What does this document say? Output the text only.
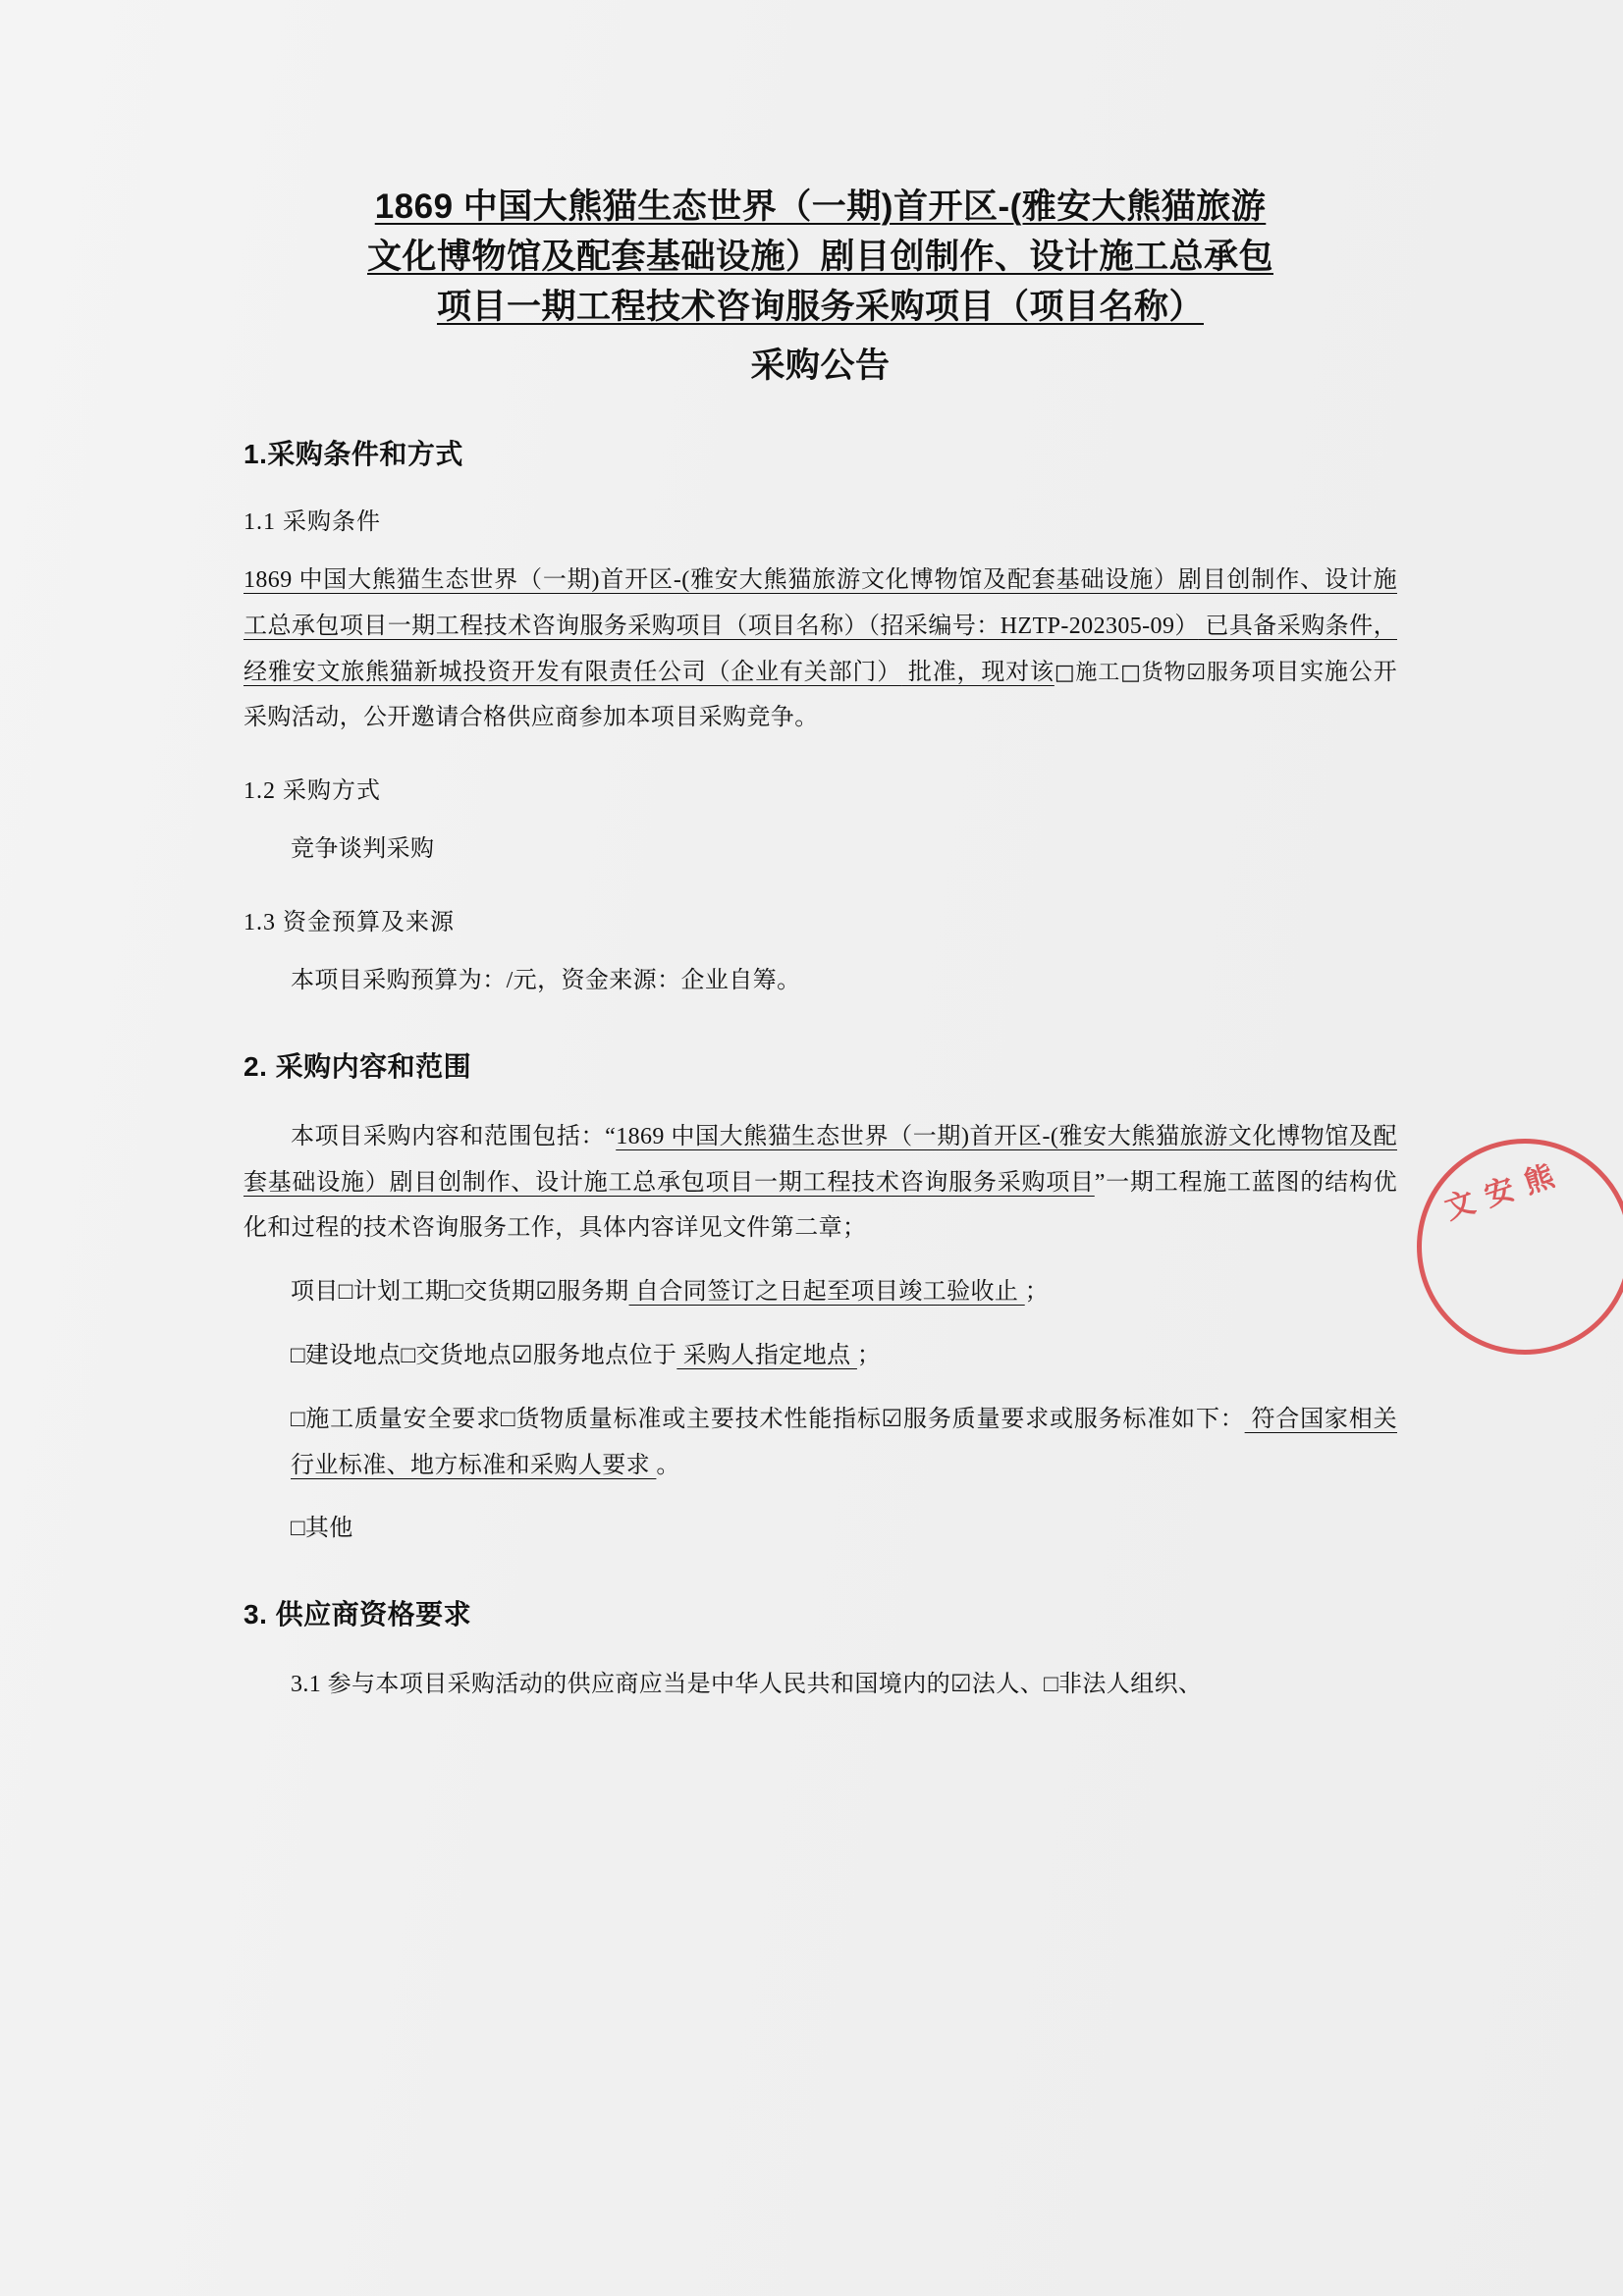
1869 中国大熊猫生态世界（一期)首开区-(雅安大熊猫旅游
文化博物馆及配套基础设施）剧目创制作、设计施工总承包
项目一期工程技术咨询服务采购项目（项目名称）
采购公告
1.采购条件和方式
1.1 采购条件

1869 中国大熊猫生态世界（一期)首开区-(雅安大熊猫旅游文化博物馆及配套基础设施）剧目创制作、设计施工总承包项目一期工程技术咨询服务采购项目（项目名称）（招采编号：HZTP-202305-09） 已具备采购条件，经雅安文旅熊猫新城投资开发有限责任公司（企业有关部门） 批准，现对该□施工□货物☑服务项目实施公开采购活动，公开邀请合格供应商参加本项目采购竞争。

1.2 采购方式

竞争谈判采购

1.3 资金预算及来源

本项目采购预算为：/元，资金来源：企业自筹。

2. 采购内容和范围

本项目采购内容和范围包括：“1869 中国大熊猫生态世界（一期)首开区-(雅安大熊猫旅游文化博物馆及配套基础设施）剧目创制作、设计施工总承包项目一期工程技术咨询服务采购项目”一期工程施工蓝图的结构优化和过程的技术咨询服务工作，具体内容详见文件第二章；

项目□计划工期□交货期☑服务期 自合同签订之日起至项目竣工验收止 ；

□建设地点□交货地点☑服务地点位于 采购人指定地点 ；

□施工质量安全要求□货物质量标准或主要技术性能指标☑服务质量要求或服务标准如下： 符合国家相关行业标准、地方标准和采购人要求 。

□其他

3. 供应商资格要求

3.1 参与本项目采购活动的供应商应当是中华人民共和国境内的☑法人、□非法人组织、

文 安 熊
